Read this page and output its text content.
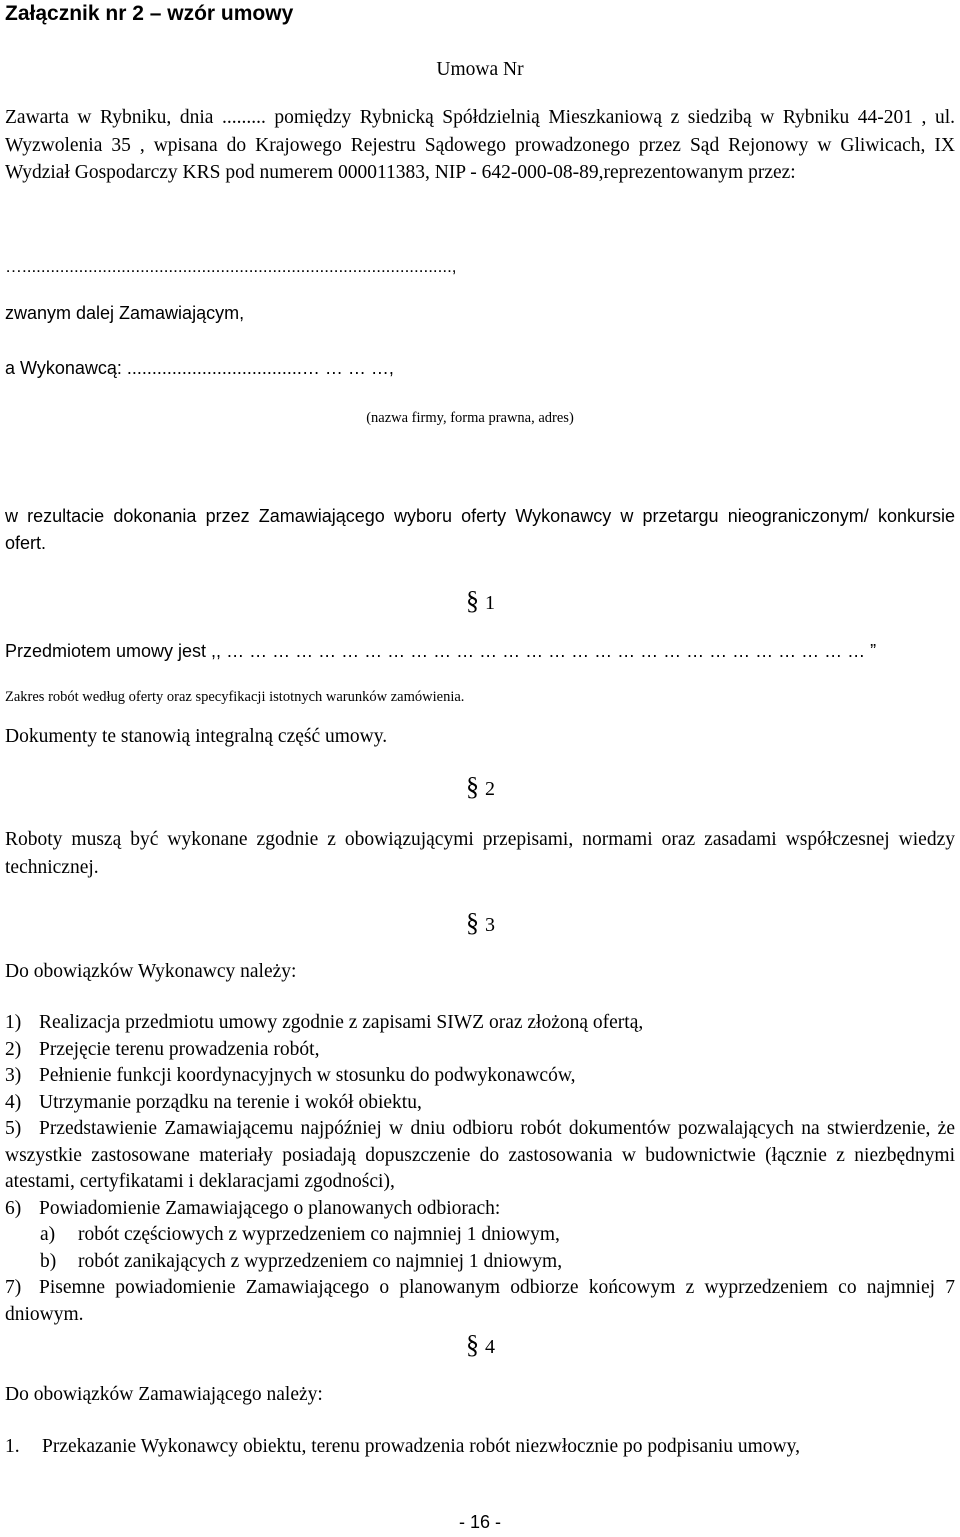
Załącznik nr 2 – wzór umowy
Umowa Nr
Zawarta w Rybniku, dnia ......... pomiędzy Rybnicką Spółdzielnią Mieszkaniową z siedzibą w Rybniku 44-201 , ul. Wyzwolenia 35 , wpisana do Krajowego Rejestru Sądowego prowadzonego przez Sąd Rejonowy w Gliwicach, IX Wydział Gospodarczy KRS pod numerem 000011383, NIP - 642-000-08-89,reprezentowanym przez:
…...........................................................................................,
zwanym dalej Zamawiającym,
a Wykonawcą: ...................................… … … …,
(nazwa firmy, forma prawna, adres)
w rezultacie dokonania przez Zamawiającego wyboru oferty Wykonawcy w przetargu nieograniczonym/ konkursie ofert.
§ 1
Przedmiotem umowy jest ,, … … … … … … … … … … … … … … … … … … … … … … … … … … … … ”
Zakres robót według oferty oraz specyfikacji istotnych warunków zamówienia.
Dokumenty te stanowią integralną część umowy.
§ 2
Roboty muszą być wykonane zgodnie z obowiązującymi przepisami, normami oraz zasadami współczesnej wiedzy technicznej.
§ 3
Do obowiązków Wykonawcy należy:
1) Realizacja przedmiotu umowy zgodnie z zapisami SIWZ oraz złożoną ofertą,
2) Przejęcie terenu prowadzenia robót,
3) Pełnienie funkcji koordynacyjnych w stosunku do podwykonawców,
4) Utrzymanie porządku na terenie i wokół obiektu,
5) Przedstawienie Zamawiającemu najpóźniej w dniu odbioru robót dokumentów pozwalających na stwierdzenie, że wszystkie zastosowane materiały posiadają dopuszczenie do zastosowania w budownictwie (łącznie z niezbędnymi atestami, certyfikatami i deklaracjami zgodności),
6) Powiadomienie Zamawiającego o planowanych odbiorach:
a) robót częściowych z wyprzedzeniem co najmniej 1 dniowym,
b) robót zanikających z wyprzedzeniem co najmniej 1 dniowym,
7) Pisemne powiadomienie Zamawiającego o planowanym odbiorze końcowym z wyprzedzeniem co najmniej 7 dniowym.
§ 4
Do obowiązków Zamawiającego należy:
1. Przekazanie Wykonawcy obiektu, terenu prowadzenia robót niezwłocznie po podpisaniu umowy,
- 16 -
